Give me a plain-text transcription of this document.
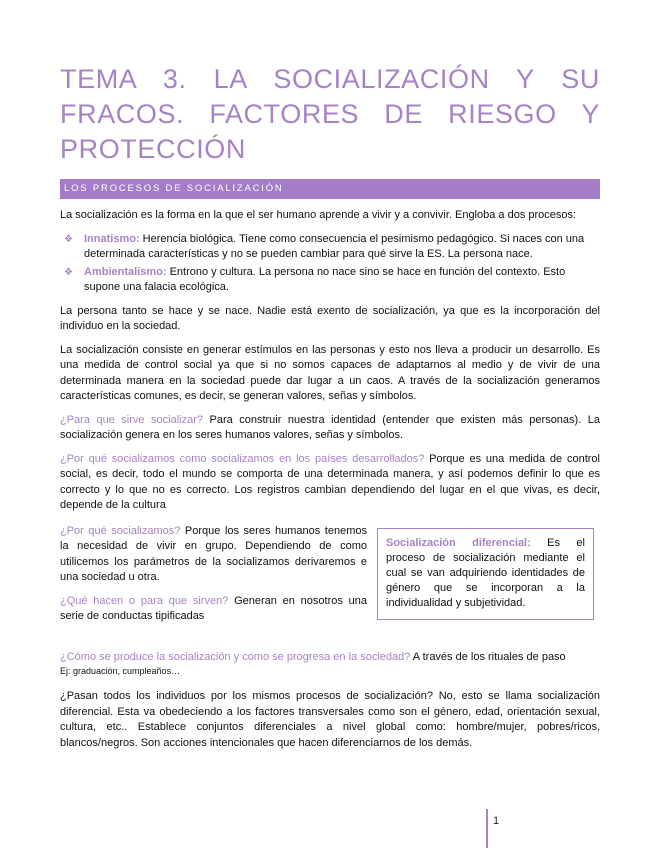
TEMA 3. LA SOCIALIZACIÓN Y SU FRACOS. FACTORES DE RIESGO Y PROTECCIÓN
LOS PROCESOS DE SOCIALIZACIÓN

La socialización es la forma en la que el ser humano aprende a vivir y a convivir. Engloba a dos procesos:

❖ Innatismo: Herencia biológica. Tiene como consecuencia el pesimismo pedagógico. Si naces con una determinada características y no se pueden cambiar para qué sirve la ES. La persona nace.
❖ Ambientalismo: Entrono y cultura. La persona no nace sino se hace en función del contexto. Esto supone una falacia ecológica.

La persona tanto se hace y se nace. Nadie está exento de socialización, ya que es la incorporación del individuo en la sociedad.

La socialización consiste en generar estímulos en las personas y esto nos lleva a producir un desarrollo. Es una medida de control social ya que si no somos capaces de adaptarnos al medio y de vivir de una determinada manera en la sociedad puede dar lugar a un caos. A través de la socialización generamos características comunes, es decir, se generan valores, señas y símbolos.

¿Para que sirve socializar? Para construir nuestra identidad (entender que existen más personas). La socialización genera en los seres humanos valores, señas y símbolos.

¿Por qué socializamos como socializamos en los países desarrollados? Porque es una medida de control social, es decir, todo el mundo se comporta de una determinada manera, y así podemos definir lo que es correcto y lo que no es correcto. Los registros cambian dependiendo del lugar en el que vivas, es decir, depende de la cultura

¿Por qué socializamos? Porque los seres humanos tenemos la necesidad de vivir en grupo. Dependiendo de como utilicemos los parámetros de la socializamos derivaremos e una sociedad u otra.

¿Qué hacen o para que sirven? Generan en nosotros una serie de conductas tipificadas

Socialización diferencial: Es el proceso de socialización mediante el cual se van adquiriendo identidades de género que se incorporan a la individualidad y subjetividad.

¿Cómo se produce la socialización y como se progresa en la sociedad? A través de los rituales de paso

Ej: graduación, cumpleaños…

¿Pasan todos los individuos por los mismos procesos de socialización? No, esto se llama socialización diferencial. Esta va obedeciendo a los factores transversales como son el género, edad, orientación sexual, cultura, etc.. Establece conjuntos diferenciales a nivel global como: hombre/mujer, pobres/ricos, blancos/negros. Son acciones intencionales que hacen diferenciarnos de los demás.

1
